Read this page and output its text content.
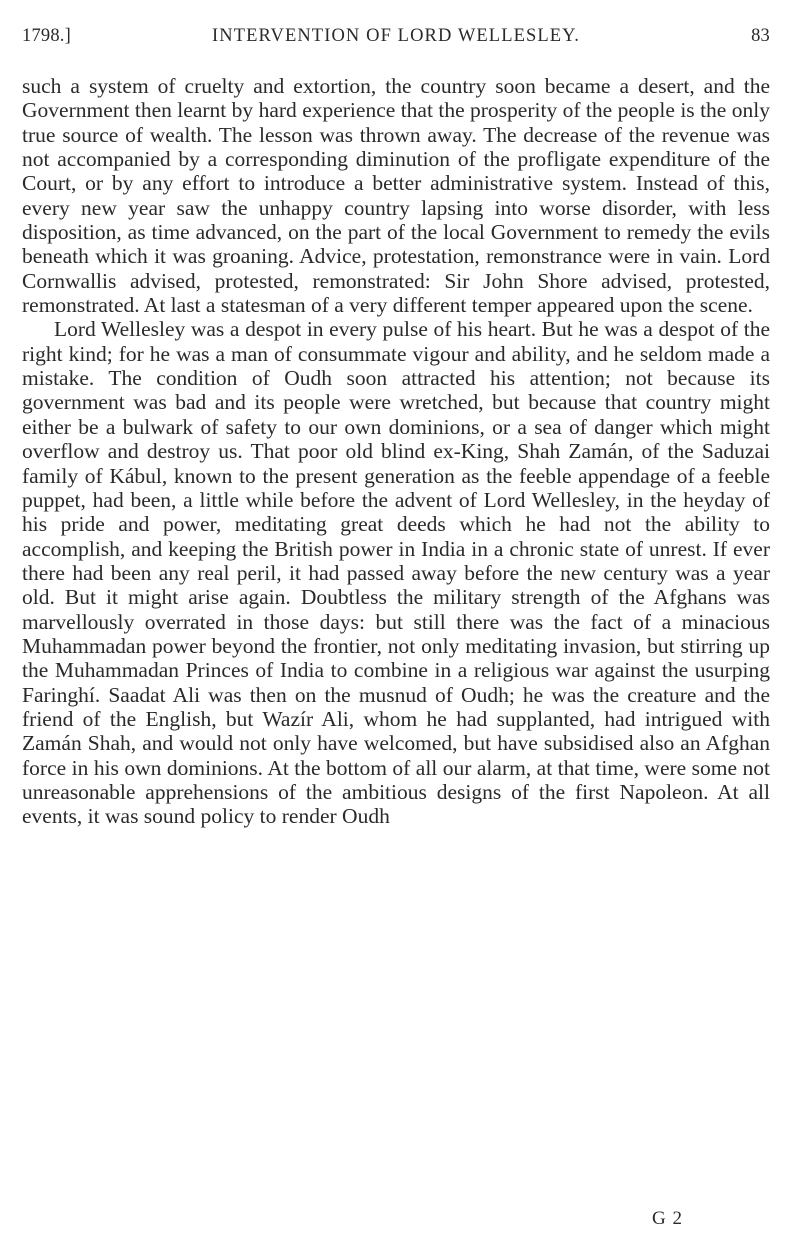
1798.]	INTERVENTION OF LORD WELLESLEY.	83

such a system of cruelty and extortion, the country soon became a desert, and the Government then learnt by hard experience that the prosperity of the people is the only true source of wealth. The lesson was thrown away. The decrease of the revenue was not accompanied by a corresponding diminution of the profligate expenditure of the Court, or by any effort to introduce a better administrative system. Instead of this, every new year saw the unhappy country lapsing into worse disorder, with less disposition, as time advanced, on the part of the local Government to remedy the evils beneath which it was groaning. Advice, protestation, remonstrance were in vain. Lord Cornwallis advised, protested, remonstrated: Sir John Shore advised, protested, remonstrated. At last a statesman of a very different temper appeared upon the scene.

Lord Wellesley was a despot in every pulse of his heart. But he was a despot of the right kind; for he was a man of consummate vigour and ability, and he seldom made a mistake. The condition of Oudh soon attracted his attention; not because its government was bad and its people were wretched, but because that country might either be a bulwark of safety to our own dominions, or a sea of danger which might overflow and destroy us. That poor old blind ex-King, Shah Zamán, of the Saduzai family of Kábul, known to the present generation as the feeble appendage of a feeble puppet, had been, a little while before the advent of Lord Wellesley, in the heyday of his pride and power, meditating great deeds which he had not the ability to accomplish, and keeping the British power in India in a chronic state of unrest. If ever there had been any real peril, it had passed away before the new century was a year old. But it might arise again. Doubtless the military strength of the Afghans was marvellously overrated in those days: but still there was the fact of a minacious Muhammadan power beyond the frontier, not only meditating invasion, but stirring up the Muhammadan Princes of India to combine in a religious war against the usurping Faringhí. Saadat Ali was then on the musnud of Oudh; he was the creature and the friend of the English, but Wazír Ali, whom he had supplanted, had intrigued with Zamán Shah, and would not only have welcomed, but have subsidised also an Afghan force in his own dominions. At the bottom of all our alarm, at that time, were some not unreasonable apprehensions of the ambitious designs of the first Napoleon. At all events, it was sound policy to render Oudh

G 2
